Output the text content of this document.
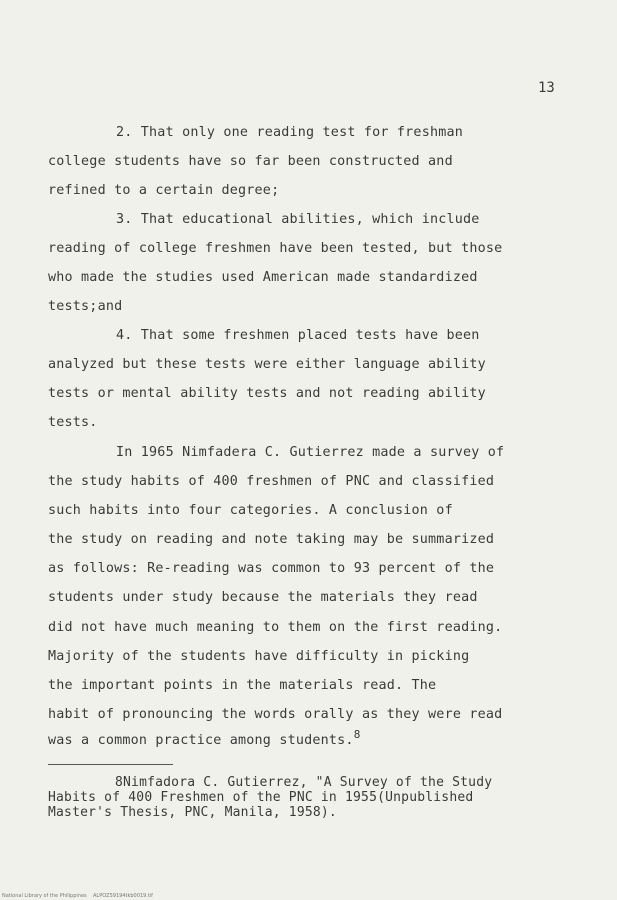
13
2. That only one reading test for freshman
college students have so far been constructed and
refined to a certain degree;
3. That educational abilities, which include
reading of college freshmen have been tested, but those
who made the studies used American made standardized
tests;and
4. That some freshmen placed tests have been
analyzed but these tests were either language ability
tests or mental ability tests and not reading ability
tests.
In 1965 Nimfadera C. Gutierrez made a survey of
the study habits of 400 freshmen of PNC and classified
such habits into four categories. A conclusion of
the study on reading and note taking may be summarized
as follows: Re-reading was common to 93 percent of the
students under study because the materials they read
did not have much meaning to them on the first reading.
Majority of the students have difficulty in picking
the important points in the materials read. The
habit of pronouncing the words orally as they were read
was a common practice among students.$^8$
8Nimfadora C. Gutierrez, "A Survey of the Study
Habits of 400 Freshmen of the PNC in 1955(Unpublished
Master's Thesis, PNC, Manila, 1958).
National Library of the Philippines    ALPOZ59194tkb0019.tif
